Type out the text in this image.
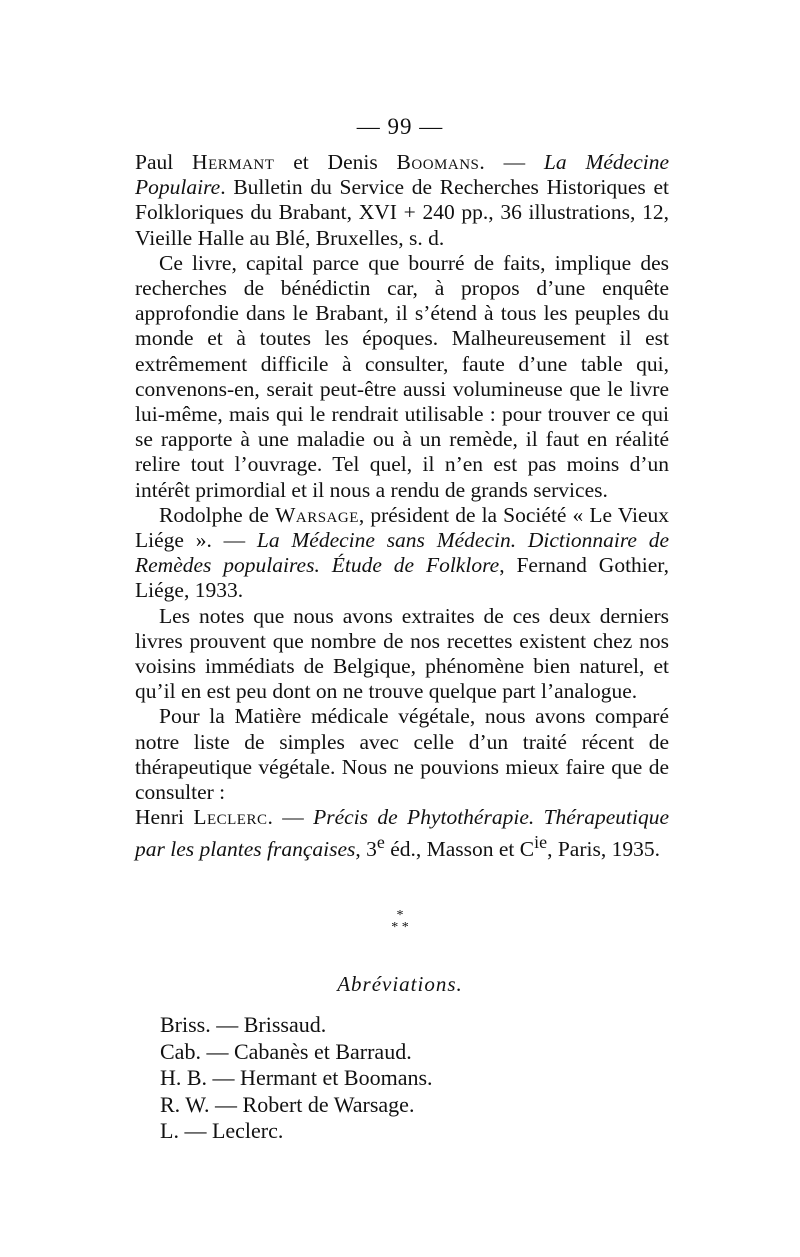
— 99 —

Paul Hermant et Denis Boomans. — La Médecine Populaire. Bulletin du Service de Recherches Historiques et Folkloriques du Brabant, XVI + 240 pp., 36 illustrations, 12, Vieille Halle au Blé, Bruxelles, s. d.

Ce livre, capital parce que bourré de faits, implique des recherches de bénédictin car, à propos d’une enquête approfondie dans le Brabant, il s’étend à tous les peuples du monde et à toutes les époques. Malheureusement il est extrêmement difficile à consulter, faute d’une table qui, convenons-en, serait peut-être aussi volumineuse que le livre lui-même, mais qui le rendrait utilisable : pour trouver ce qui se rapporte à une maladie ou à un remède, il faut en réalité relire tout l’ouvrage. Tel quel, il n’en est pas moins d’un intérêt primordial et il nous a rendu de grands services.

Rodolphe de Warsage, président de la Société « Le Vieux Liége ». — La Médecine sans Médecin. Dictionnaire de Remèdes populaires. Étude de Folklore, Fernand Gothier, Liége, 1933.

Les notes que nous avons extraites de ces deux derniers livres prouvent que nombre de nos recettes existent chez nos voisins immédiats de Belgique, phénomène bien naturel, et qu’il en est peu dont on ne trouve quelque part l’analogue.

Pour la Matière médicale végétale, nous avons comparé notre liste de simples avec celle d’un traité récent de thérapeutique végétale. Nous ne pouvions mieux faire que de consulter :

Henri Leclerc. — Précis de Phytothérapie. Thérapeutique par les plantes françaises, 3e éd., Masson et $C^{ie}$, Paris, 1935.

*
* *
Abréviations.
Briss. — Brissaud.
Cab. — Cabanès et Barraud.
H. B. — Hermant et Boomans.
R. W. — Robert de Warsage.
L. — Leclerc.
